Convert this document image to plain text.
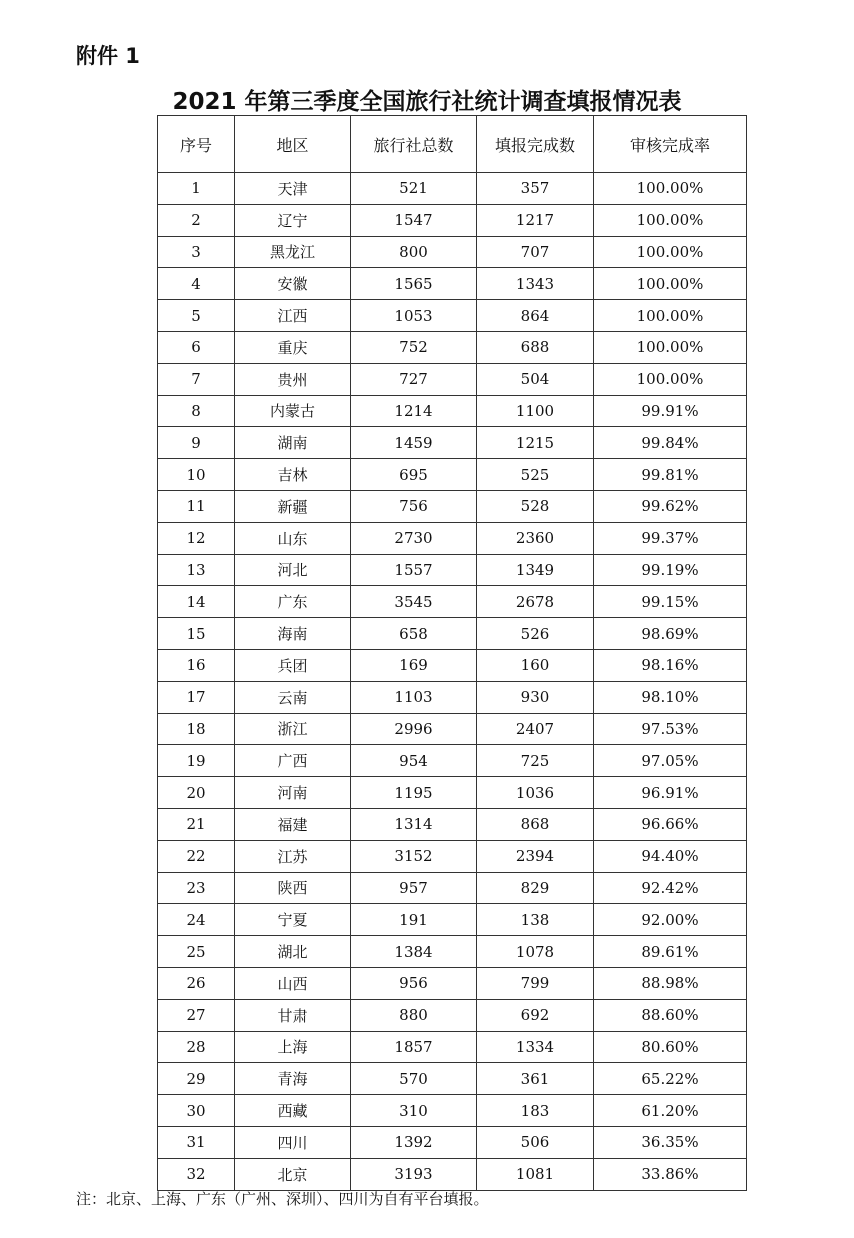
附件 1
2021 年第三季度全国旅行社统计调查填报情况表
序号	地区	旅行社总数	填报完成数	审核完成率
1	天津	521	357	100.00%
2	辽宁	1547	1217	100.00%
3	黑龙江	800	707	100.00%
4	安徽	1565	1343	100.00%
5	江西	1053	864	100.00%
6	重庆	752	688	100.00%
7	贵州	727	504	100.00%
8	内蒙古	1214	1100	99.91%
9	湖南	1459	1215	99.84%
10	吉林	695	525	99.81%
11	新疆	756	528	99.62%
12	山东	2730	2360	99.37%
13	河北	1557	1349	99.19%
14	广东	3545	2678	99.15%
15	海南	658	526	98.69%
16	兵团	169	160	98.16%
17	云南	1103	930	98.10%
18	浙江	2996	2407	97.53%
19	广西	954	725	97.05%
20	河南	1195	1036	96.91%
21	福建	1314	868	96.66%
22	江苏	3152	2394	94.40%
23	陕西	957	829	92.42%
24	宁夏	191	138	92.00%
25	湖北	1384	1078	89.61%
26	山西	956	799	88.98%
27	甘肃	880	692	88.60%
28	上海	1857	1334	80.60%
29	青海	570	361	65.22%
30	西藏	310	183	61.20%
31	四川	1392	506	36.35%
32	北京	3193	1081	33.86%
注：北京、上海、广东（广州、深圳）、四川为自有平台填报。
